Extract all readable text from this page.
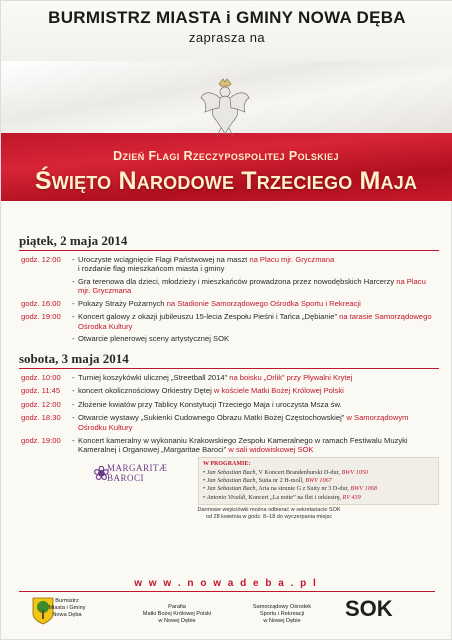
BURMISTRZ MIASTA i GMINY NOWA DĘBA
zaprasza na
Dzień Flagi Rzeczypospolitej Polskiej
Święto Narodowe Trzeciego Maja
piątek, 2 maja 2014
godz. 12:00	- Uroczyste wciągnięcie Flagi Państwowej na maszt na Placu mjr. Gryczmana
i rozdanie flag mieszkańcom miasta i gminy
- Gra terenowa dla dzieci, młodzieży i mieszkańców prowadzona przez nowodębskich Harcerzy na Placu mjr. Gryczmana
godz. 16:00	- Pokazy Straży Pożarnych na Stadionie Samorządowego Ośrodka Sportu i Rekreacji
godz. 19:00	- Koncert galowy z okazji jubileuszu 15-lecia Zespołu Pieśni i Tańca „Dębianie” na tarasie Samorządowego Ośrodka Kultury
- Otwarcie plenerowej sceny artystycznej SOK
sobota, 3 maja 2014
godz. 10:00	- Turniej koszykówki ulicznej „Streetball 2014” na boisku „Orlik” przy Pływalni Krytej
godz. 11:45	- koncert okolicznościowy Orkiestry Dętej w kościele Matki Bożej Królowej Polski
godz. 12:00	- Złożenie kwiatów przy Tablicy Konstytucji Trzeciego Maja i uroczysta Msza św.
godz. 18:30	- Otwarcie wystawy „Sukienki Cudownego Obrazu Matki Bożej Częstochowskiej” w Samorządowym Ośrodku Kultury
godz. 19:00	- Koncert kameralny w wykonaniu Krakowskiego Zespołu Kameralnego w ramach Festiwalu Muzyki Kameralnej i Organowej „Margaritae Baroci” w sali widowiskowej SOK
❀
MARGARITÆ BAROCI
W PROGRAMIE:
• Jan Sebastian Bach, V Koncert Brandenburski D-dur, BWV 1050
• Jan Sebastian Bach, Suita nr 2 H-moll, BWV 1067
• Jan Sebastian Bach, Aria na strunie G z Suity nr 3 D-dur, BWV 1068
• Antonio Vivaldi, Koncert „La notte” na flet i orkiestrę, RV 439
Darmowe wejściówki można odbierać w sekretariacie SOK
od 28 kwietnia w godz. 8–18 do wyczerpania miejsc
w w w . n o w a d e b a . p l
Burmistrz
Miasta i Gminy
Nowa Dęba
Parafia
Matki Bożej Królowej Polski
w Nowej Dębie
Samorządowy Ośrodek
Sportu i Rekreacji
w Nowej Dębie	SOK
